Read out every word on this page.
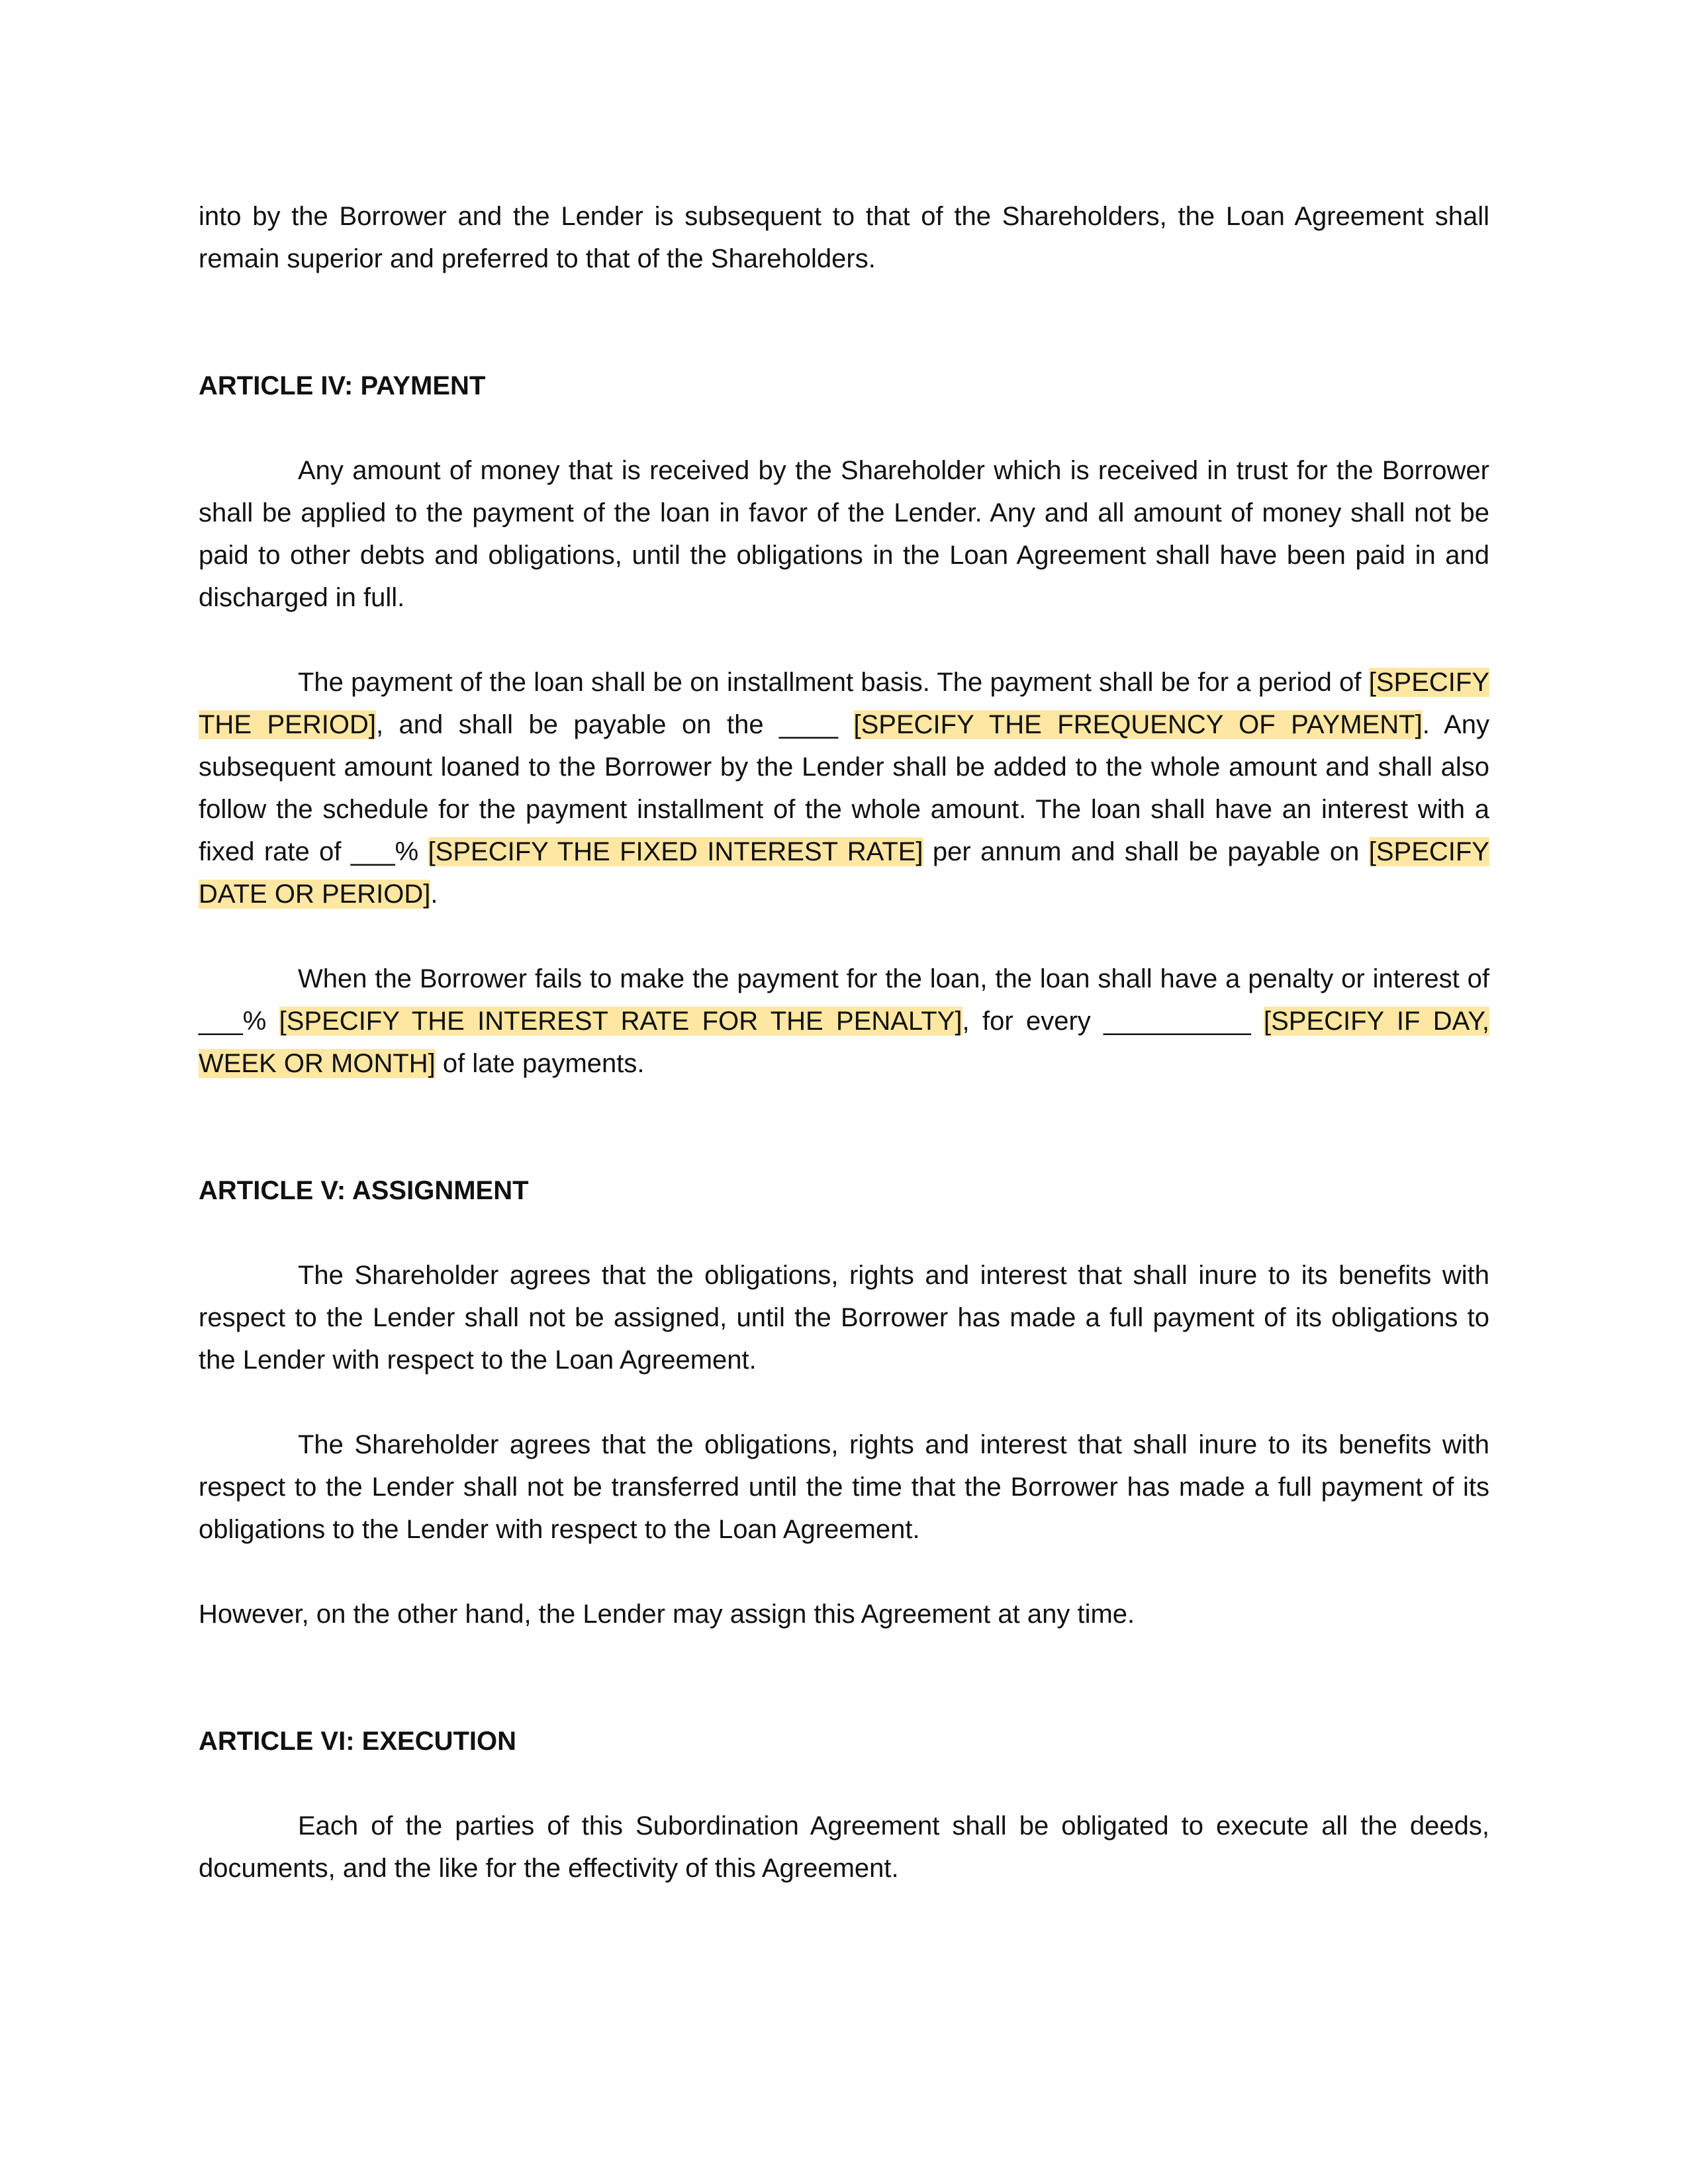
into by the Borrower and the Lender is subsequent to that of the Shareholders, the Loan Agreement shall remain superior and preferred to that of the Shareholders.

ARTICLE IV: PAYMENT

Any amount of money that is received by the Shareholder which is received in trust for the Borrower shall be applied to the payment of the loan in favor of the Lender. Any and all amount of money shall not be paid to other debts and obligations, until the obligations in the Loan Agreement shall have been paid in and discharged in full.

The payment of the loan shall be on installment basis. The payment shall be for a period of [SPECIFY THE PERIOD], and shall be payable on the ____ [SPECIFY THE FREQUENCY OF PAYMENT]. Any subsequent amount loaned to the Borrower by the Lender shall be added to the whole amount and shall also follow the schedule for the payment installment of the whole amount. The loan shall have an interest with a fixed rate of ___% [SPECIFY THE FIXED INTEREST RATE] per annum and shall be payable on [SPECIFY DATE OR PERIOD].

When the Borrower fails to make the payment for the loan, the loan shall have a penalty or interest of ___% [SPECIFY THE INTEREST RATE FOR THE PENALTY], for every __________ [SPECIFY IF DAY, WEEK OR MONTH] of late payments.

ARTICLE V: ASSIGNMENT

The Shareholder agrees that the obligations, rights and interest that shall inure to its benefits with respect to the Lender shall not be assigned, until the Borrower has made a full payment of its obligations to the Lender with respect to the Loan Agreement.

The Shareholder agrees that the obligations, rights and interest that shall inure to its benefits with respect to the Lender shall not be transferred until the time that the Borrower has made a full payment of its obligations to the Lender with respect to the Loan Agreement.

However, on the other hand, the Lender may assign this Agreement at any time.

ARTICLE VI: EXECUTION

Each of the parties of this Subordination Agreement shall be obligated to execute all the deeds, documents, and the like for the effectivity of this Agreement.
